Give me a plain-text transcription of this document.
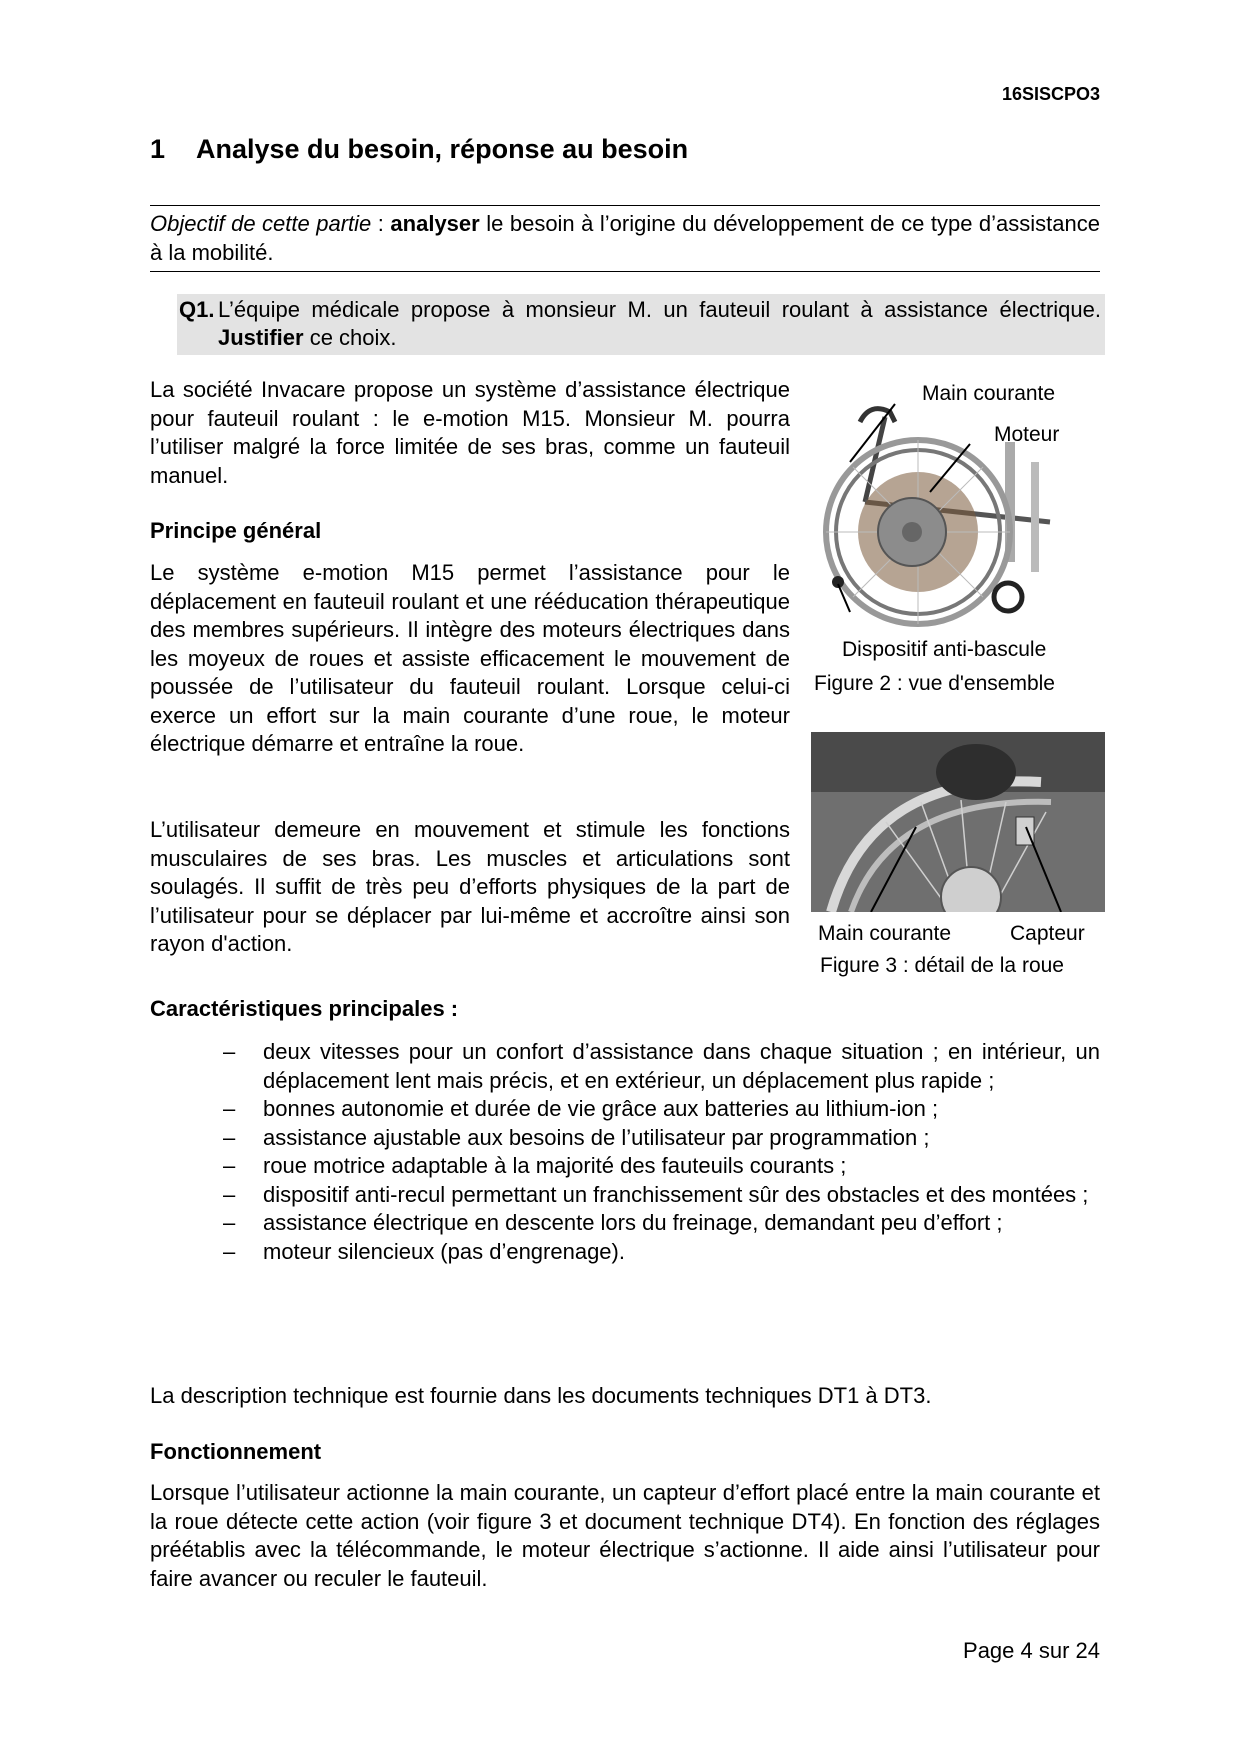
16SISCPO3
1 Analyse du besoin, réponse au besoin
Objectif de cette partie : analyser le besoin à l’origine du développement de ce type d’assistance à la mobilité.
Q1. L’équipe médicale propose à monsieur M. un fauteuil roulant à assistance électrique. Justifier ce choix.
La société Invacare propose un système d’assistance électrique pour fauteuil roulant : le e-motion M15. Monsieur M. pourra l’utiliser malgré la force limitée de ses bras, comme un fauteuil manuel.
Principe général
Le système e-motion M15 permet l’assistance pour le déplacement en fauteuil roulant et une rééducation thérapeutique des membres supérieurs. Il intègre des moteurs électriques dans les moyeux de roues et assiste efficacement le mouvement de poussée de l’utilisateur du fauteuil roulant. Lorsque celui-ci exerce un effort sur la main courante d’une roue, le moteur électrique démarre et entraîne la roue.
L’utilisateur demeure en mouvement et stimule les fonctions musculaires de ses bras. Les muscles et articulations sont soulagés. Il suffit de très peu d’efforts physiques de la part de l’utilisateur pour se déplacer par lui-même et accroître ainsi son rayon d'action.
Main courante
Moteur
Dispositif anti-bascule
Figure 2 : vue d'ensemble
Main courante	Capteur
Figure 3 : détail de la roue
Caractéristiques principales :
– deux vitesses pour un confort d’assistance dans chaque situation ; en intérieur, un déplacement lent mais précis, et en extérieur, un déplacement plus rapide ;
– bonnes autonomie et durée de vie grâce aux batteries au lithium-ion ;
– assistance ajustable aux besoins de l’utilisateur par programmation ;
– roue motrice adaptable à la majorité des fauteuils courants ;
– dispositif anti-recul permettant un franchissement sûr des obstacles et des montées ;
– assistance électrique en descente lors du freinage, demandant peu d’effort ;
– moteur silencieux (pas d’engrenage).
La description technique est fournie dans les documents techniques DT1 à DT3.
Fonctionnement
Lorsque l’utilisateur actionne la main courante, un capteur d’effort placé entre la main courante et la roue détecte cette action (voir figure 3 et document technique DT4). En fonction des réglages préétablis avec la télécommande, le moteur électrique s’actionne. Il aide ainsi l’utilisateur pour faire avancer ou reculer le fauteuil.
Page 4 sur 24
